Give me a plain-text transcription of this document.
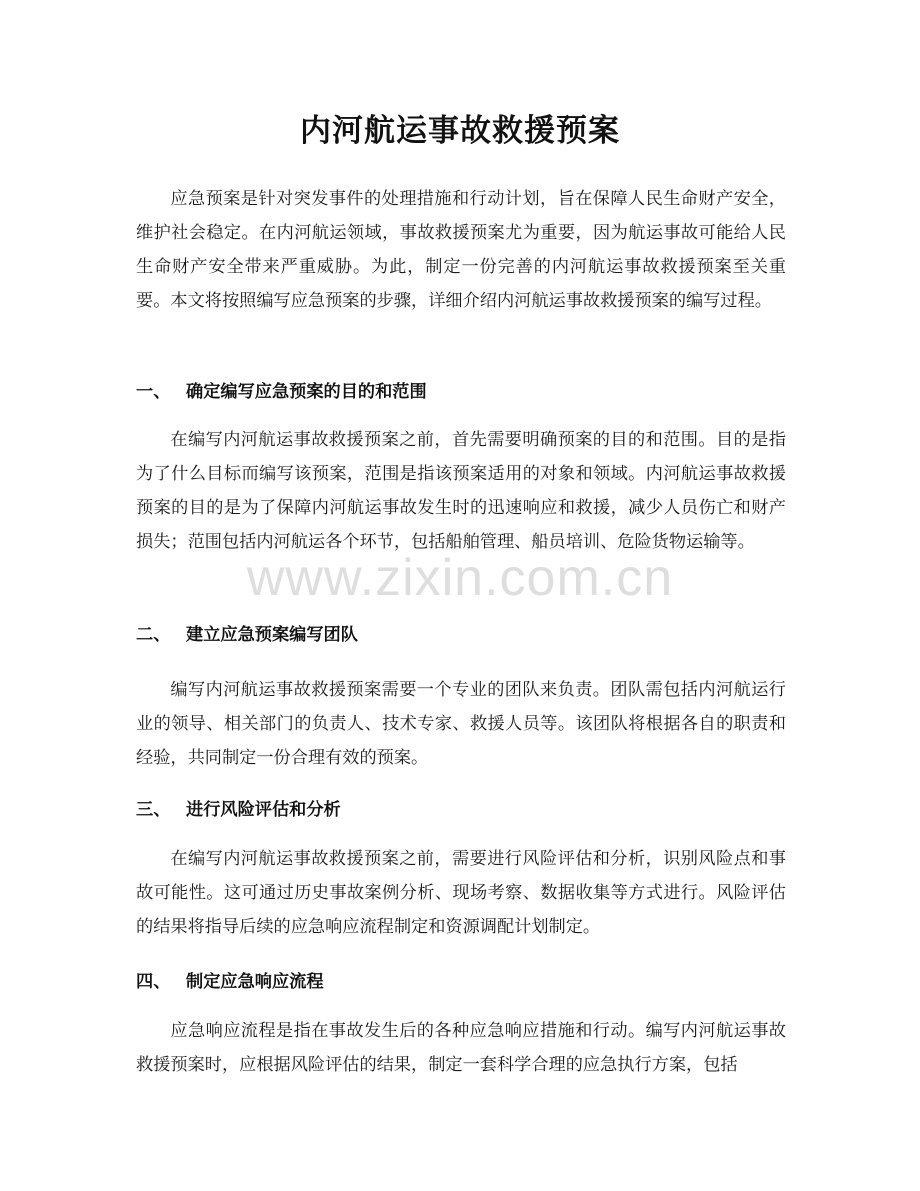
内河航运事故救援预案

应急预案是针对突发事件的处理措施和行动计划，旨在保障人民生命财产安全，维护社会稳定。在内河航运领域，事故救援预案尤为重要，因为航运事故可能给人民生命财产安全带来严重威胁。为此，制定一份完善的内河航运事故救援预案至关重要。本文将按照编写应急预案的步骤，详细介绍内河航运事故救援预案的编写过程。

一、 确定编写应急预案的目的和范围

在编写内河航运事故救援预案之前，首先需要明确预案的目的和范围。目的是指为了什么目标而编写该预案，范围是指该预案适用的对象和领域。内河航运事故救援预案的目的是为了保障内河航运事故发生时的迅速响应和救援，减少人员伤亡和财产损失；范围包括内河航运各个环节，包括船舶管理、船员培训、危险货物运输等。

二、 建立应急预案编写团队

编写内河航运事故救援预案需要一个专业的团队来负责。团队需包括内河航运行业的领导、相关部门的负责人、技术专家、救援人员等。该团队将根据各自的职责和经验，共同制定一份合理有效的预案。

三、 进行风险评估和分析

在编写内河航运事故救援预案之前，需要进行风险评估和分析，识别风险点和事故可能性。这可通过历史事故案例分析、现场考察、数据收集等方式进行。风险评估的结果将指导后续的应急响应流程制定和资源调配计划制定。

四、 制定应急响应流程

应急响应流程是指在事故发生后的各种应急响应措施和行动。编写内河航运事故救援预案时，应根据风险评估的结果，制定一套科学合理的应急执行方案，包括

www.zixin.com.cn
